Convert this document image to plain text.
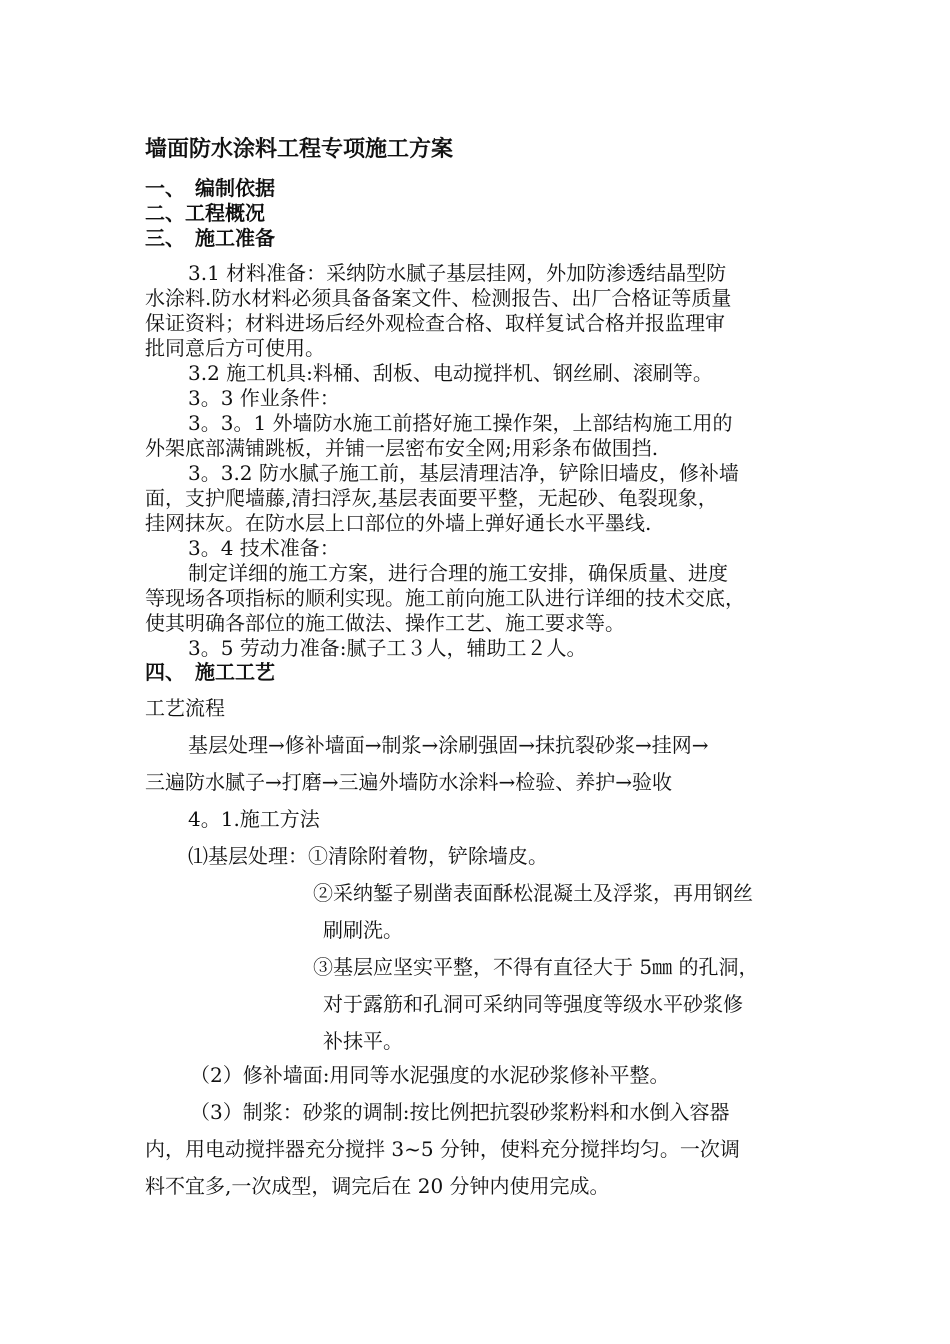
墙面防水涂料工程专项施工方案
一、　编制依据
二、工程概况
三、　施工准备
3.1 材料准备：采纳防水腻子基层挂网，外加防渗透结晶型防
水涂料.防水材料必须具备备案文件、检测报告、出厂合格证等质量
保证资料；材料进场后经外观检查合格、取样复试合格并报监理审
批同意后方可使用。
3.2 施工机具:料桶、刮板、电动搅拌机、钢丝刷、滚刷等。
3。3 作业条件：
3。3。1 外墙防水施工前搭好施工操作架，上部结构施工用的
外架底部满铺跳板，并铺一层密布安全网;用彩条布做围挡.
3。3.2 防水腻子施工前，基层清理洁净，铲除旧墙皮，修补墙
面，支护爬墙藤,清扫浮灰,基层表面要平整，无起砂、龟裂现象，
挂网抹灰。在防水层上口部位的外墙上弹好通长水平墨线.
3。4 技术准备：
制定详细的施工方案，进行合理的施工安排，确保质量、进度
等现场各项指标的顺利实现。施工前向施工队进行详细的技术交底，
使其明确各部位的施工做法、操作工艺、施工要求等。
3。5 劳动力准备:腻子工３人，辅助工２人。
四、　施工工艺
工艺流程
基层处理→修补墙面→制浆→涂刷强固→抹抗裂砂浆→挂网→
三遍防水腻子→打磨→三遍外墙防水涂料→检验、养护→验收
4。1.施工方法
⑴基层处理：①清除附着物，铲除墙皮。
②采纳錾子剔凿表面酥松混凝土及浮浆，再用钢丝
刷刷洗。
③基层应坚实平整，不得有直径大于 5㎜ 的孔洞，
对于露筋和孔洞可采纳同等强度等级水平砂浆修
补抹平。
（2）修补墙面:用同等水泥强度的水泥砂浆修补平整。
（3）制浆：砂浆的调制:按比例把抗裂砂浆粉料和水倒入容器
内，用电动搅拌器充分搅拌 3~5 分钟，使料充分搅拌均匀。一次调
料不宜多,一次成型，调完后在 20 分钟内使用完成。
